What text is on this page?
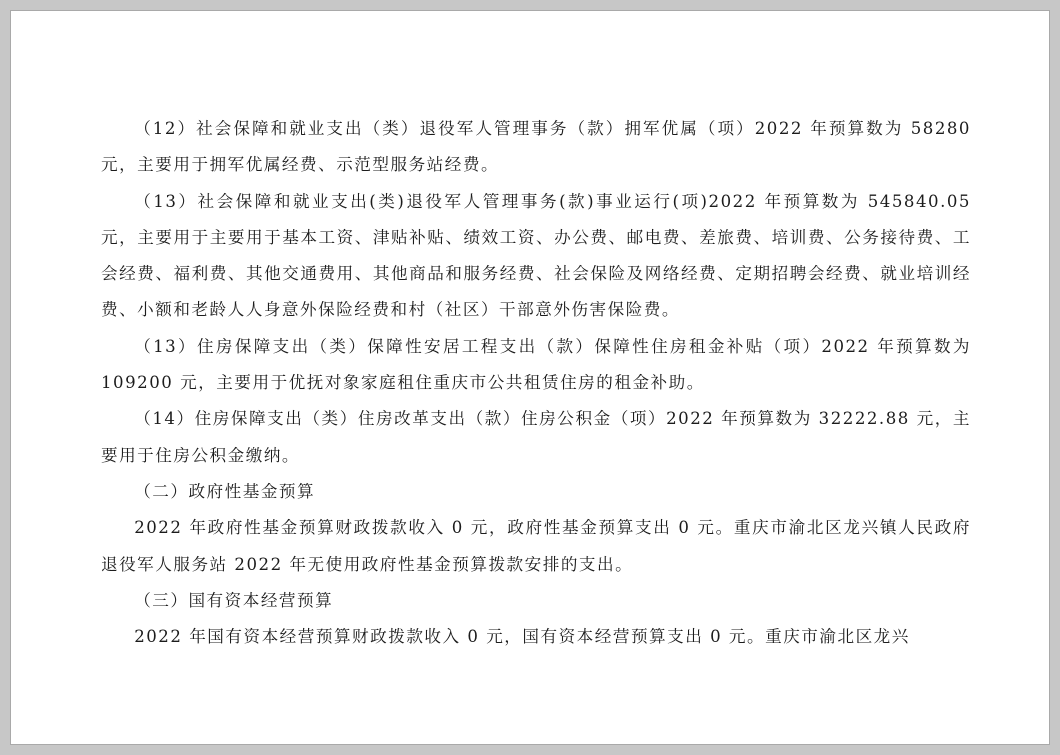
（12）社会保障和就业支出（类）退役军人管理事务（款）拥军优属（项）2022 年预算数为 58280 元，主要用于拥军优属经费、示范型服务站经费。

（13）社会保障和就业支出(类)退役军人管理事务(款)事业运行(项)2022 年预算数为 545840.05 元，主要用于主要用于基本工资、津贴补贴、绩效工资、办公费、邮电费、差旅费、培训费、公务接待费、工会经费、福利费、其他交通费用、其他商品和服务经费、社会保险及网络经费、定期招聘会经费、就业培训经费、小额和老龄人人身意外保险经费和村（社区）干部意外伤害保险费。

（13）住房保障支出（类）保障性安居工程支出（款）保障性住房租金补贴（项）2022 年预算数为 109200 元，主要用于优抚对象家庭租住重庆市公共租赁住房的租金补助。

（14）住房保障支出（类）住房改革支出（款）住房公积金（项）2022 年预算数为 32222.88 元，主要用于住房公积金缴纳。

（二）政府性基金预算

2022 年政府性基金预算财政拨款收入 0 元，政府性基金预算支出 0 元。重庆市渝北区龙兴镇人民政府退役军人服务站 2022 年无使用政府性基金预算拨款安排的支出。

（三）国有资本经营预算

2022 年国有资本经营预算财政拨款收入 0 元，国有资本经营预算支出 0 元。重庆市渝北区龙兴
